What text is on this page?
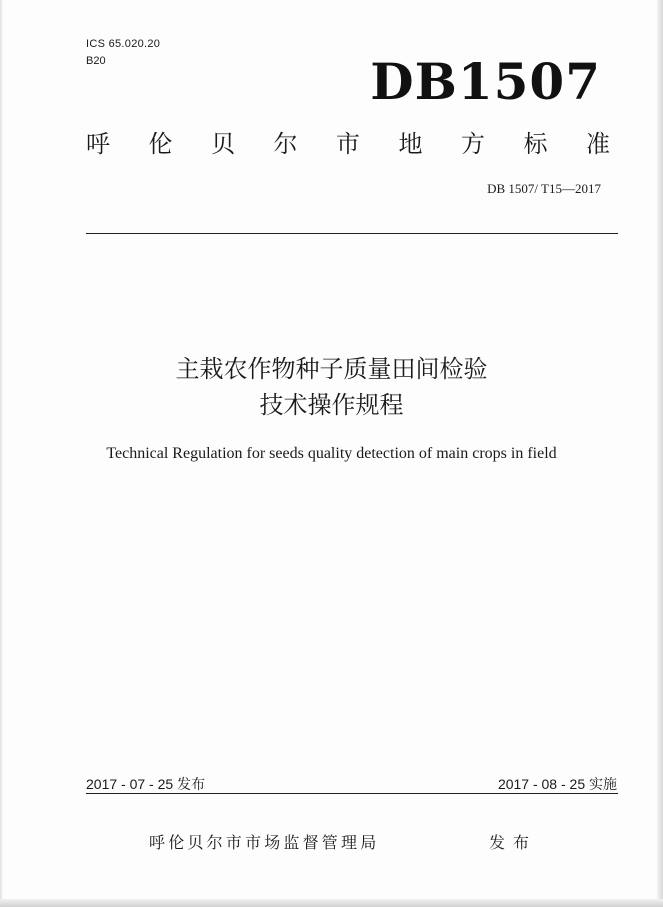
ICS 65.020.20
B20	DB1507
呼 伦 贝 尔 市 地 方 标 准
DB 1507/ T15—2017
主栽农作物种子质量田间检验
技术操作规程
Technical Regulation for seeds quality detection of main crops in field
2017 - 07 - 25 发布	2017 - 08 - 25 实施
呼伦贝尔市市场监督管理局	发布
